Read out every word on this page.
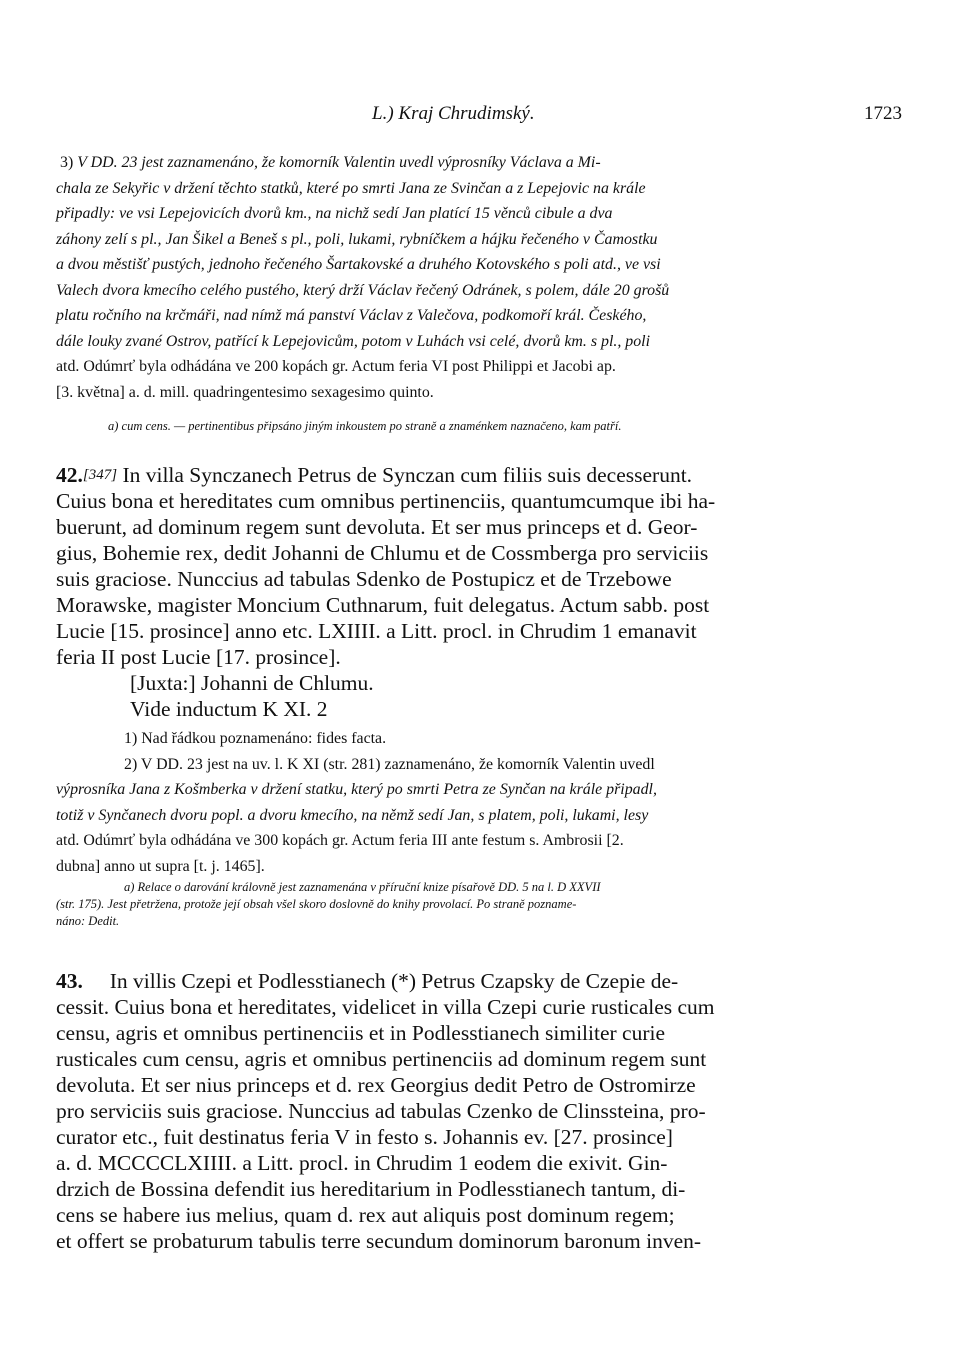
L.) Kraj Chrudimský.	1723

3) V DD. 23 jest zaznamenáno, že komorník Valentin uvedl výprosníky Václava a Mi-

chala ze Sekyřic v držení těchto statků, které po smrti Jana ze Svinčan a z Lepejovic na krále

připadly: ve vsi Lepejovicích dvorů km., na nichž sedí Jan platící 15 věnců cibule a dva

záhony zelí s pl., Jan Šikel a Beneš s pl., poli, lukami, rybníčkem a hájku řečeného v Čamostku

a dvou městišť pustých, jednoho řečeného Šartakovské a druhého Kotovského s poli atd., ve vsi

Valech dvora kmecího celého pustého, který drží Václav řečený Odránek, s polem, dále 20 grošů

platu ročního na krčmáři, nad nímž má panství Václav z Valečova, podkomoří král. Českého,

dále louky zvané Ostrov, patřící k Lepejovicům, potom v Luhách vsi celé, dvorů km. s pl., poli

atd. Odúmrť byla odhádána ve 200 kopách gr. Actum feria VI post Philippi et Jacobi ap.

[3. května] a. d. mill. quadringentesimo sexagesimo quinto.

a) cum cens. — pertinentibus připsáno jiným inkoustem po straně a znaménkem naznačeno, kam patří.

42.[347] In villa Synczanech Petrus de Synczan cum filiis suis decesserunt.

Cuius bona et hereditates cum omnibus pertinenciis, quantumcumque ibi ha-

buerunt, ad dominum regem sunt devoluta. Et ser mus princeps et d. Geor-

gius, Bohemie rex, dedit Johanni de Chlumu et de Cossmberga pro serviciis

suis graciose. Nunccius ad tabulas Sdenko de Postupicz et de Trzebowe

Morawske, magister Moncium Cuthnarum, fuit delegatus. Actum sabb. post

Lucie [15. prosince] anno etc. LXIIII. a Litt. procl. in Chrudim 1 emanavit

feria II post Lucie [17. prosince].

[Juxta:] Johanni de Chlumu.

Vide inductum K XI. 2

1) Nad řádkou poznamenáno: fides facta.

2) V DD. 23 jest na uv. l. K XI (str. 281) zaznamenáno, že komorník Valentin uvedl

výprosníka Jana z Košmberka v držení statku, který po smrti Petra ze Synčan na krále připadl,

totiž v Synčanech dvoru popl. a dvoru kmecího, na němž sedí Jan, s platem, poli, lukami, lesy

atd. Odúmrť byla odhádána ve 300 kopách gr. Actum feria III ante festum s. Ambrosii [2.

dubna] anno ut supra [t. j. 1465].

a) Relace o darování královně jest zaznamenána v příruční knize písařově DD. 5 na l. D XXVII

(str. 175). Jest přetržena, protože její obsah všel skoro doslovně do knihy provolací. Po straně pozname-

náno: Dedit.

43. In villis Czepi et Podlesstianech (*) Petrus Czapsky de Czepie de-

cessit. Cuius bona et hereditates, videlicet in villa Czepi curie rusticales cum

censu, agris et omnibus pertinenciis et in Podlesstianech similiter curie

rusticales cum censu, agris et omnibus pertinenciis ad dominum regem sunt

devoluta. Et ser nius princeps et d. rex Georgius dedit Petro de Ostromirze

pro serviciis suis graciose. Nunccius ad tabulas Czenko de Clinssteina, pro-

curator etc., fuit destinatus feria V in festo s. Johannis ev. [27. prosince]

a. d. MCCCCLXIIII. a Litt. procl. in Chrudim 1 eodem die exivit. Gin-

drzich de Bossina defendit ius hereditarium in Podlesstianech tantum, di-

cens se habere ius melius, quam d. rex aut aliquis post dominum regem;

et offert se probaturum tabulis terre secundum dominorum baronum inven-
